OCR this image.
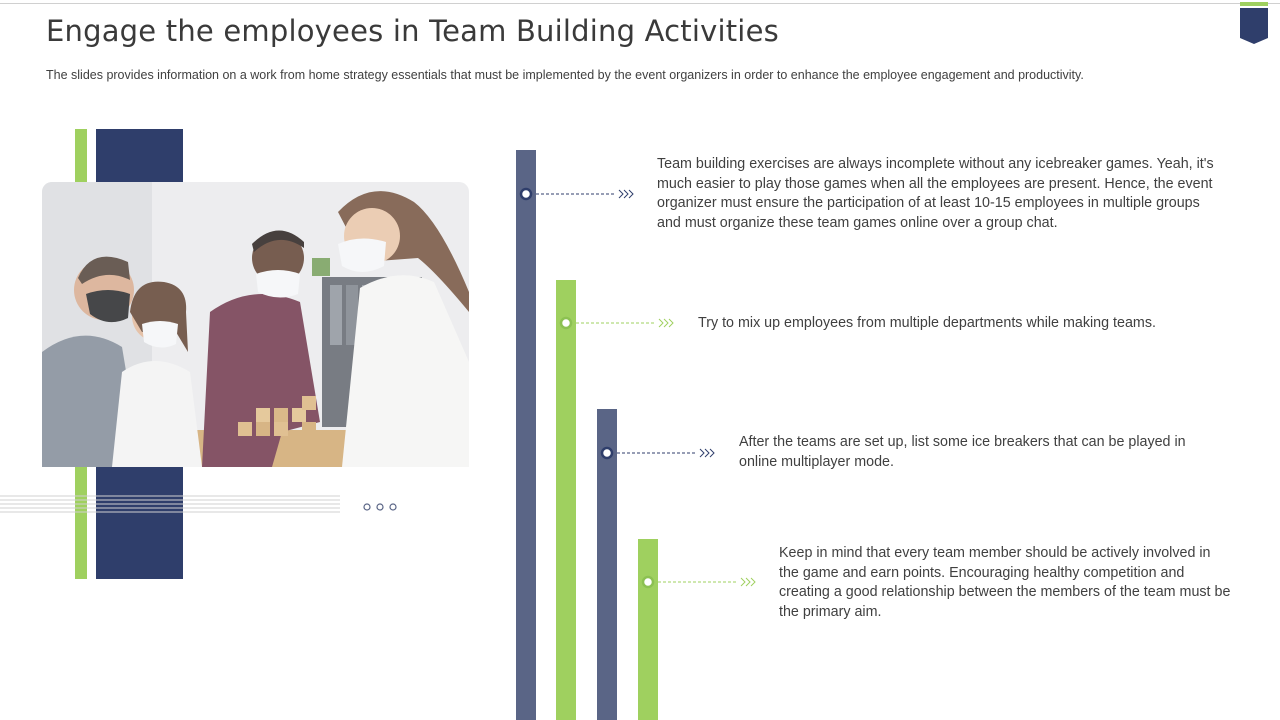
Engage the employees in Team Building Activities

The slides provides information on a work from home strategy essentials that must be implemented by the event organizers in order to enhance the employee engagement and productivity.

Team building exercises are always incomplete without any icebreaker games. Yeah, it's much easier to play those games when all the employees are present. Hence, the event organizer must ensure the participation of at least 10-15 employees in multiple groups and must organize these team games online over a group chat.

Try to mix up employees from multiple departments while making teams.

After the teams are set up, list some ice breakers that can be played in online multiplayer mode.

Keep in mind that every team member should be actively involved in the game and earn points. Encouraging healthy competition and creating a good relationship between the members of the team must be the primary aim.
